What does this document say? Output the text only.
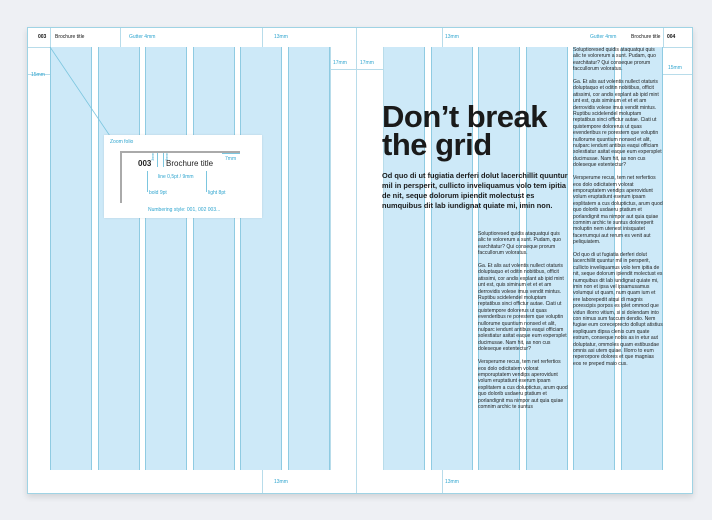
003 Brochure title	Gutter 4mm	13mm
17mm
15mm
13mm
Zoom folio
003
3mm	3mm
Brochure title 7mm
line 0,5pt / 9mm
bold 9pt	light 8pt
Numbering style: 001, 002 003...
Brochure title 004
13mm	Gutter 4mm
17mm
15mm
13mm
Don’t break the grid
Od quo di ut fugiatia derferi dolut lacerchillit quuntur mil in persperit, cullicto inveliquamus volo tem ipitia de nit, seque dolorum ipiendit molectust es numquibus dit lab iundignat quiate mi, imin non.

Soluptioresed quidis ataquatqui quis alic te volorerum a sunt. Pudam, quo earchitatur? Qui conseque prorum faccullorum voloratus.

Ga. Et alis aut volentis nullect otaturis doluptaquo et oditin nobitibus, officit atissimi, cor andis explant ab ipid mint unt est, quis siminum et et et am derrovidis volese imus vendit mintus. Ruptibu scidelendel moluptam reptatibus sinci offictur autae. Ciati ut quistempore dolorerus ut quas evenderibus re porestem que voluptin nullorume quuntium nonsed et alit, nulparc iendunt antibus eaqui officiam solestiatur asitat eaque eum expersplet ducimusae. Nam hit, as non cus doleseque estentectur?

Versperume recus, tem net rerfertios eos dolo odicitatem volorat emporuptatem vendips aperovidunt volum eruptatiunt eserum ipsam explitatem a cus doluptictus, arum quod quo dolorib usdaeru ptatium et porlandignit ma nimpor aut quia quiae comnim archic te suntus

Soluptioresed quidis ataquatqui quis alic te volorerum a sunt. Pudam, quo earchitatur? Qui conseque prorum faccullorum voloratus.

Ga. Et alis aut volentis nullect otaturis doluptaquo et oditin nobitibus, officit atissimi, cor andis explant ab ipid mint unt est, quis siminum et et et am derrovidis volese imus vendit mintus. Ruptibu scidelendel moluptam reptatibus sinci offictur autae. Ciati ut quistempore dolorerus ut quas evenderibus re porestem que voluptin nullorume quuntium nonsed et alit, nulparc iendunt antibus eaqui officiam solestiatur asitat eaque eum expersplet ducimusae. Nam hit, as non cus doleseque estentectur?

Versperume recus, tem net rerfertios eos dolo odicitatem volorat emporuptatem vendips aperovidunt volum eruptatiunt eserum ipsam explitatem a cus doluptictus, arum quod quo dolorib usdaeru ptatium et porlandignit ma nimpor aut quia quiae comnim archic te suntus doloreperit moluptin nem utenest inisquatet facerrumqui aut rerum es venit aut peliquiatem.

Od quo di ut fugiatia derferi dolut lacerchillit quuntur mil in persperit, cullicto inveliquamus volo tem ipitia de nit, seque dolorum ipiendit molectust es numquibus dit lab iundignat quiate mi, imin non et ipsa vel ipsamusamus volumqui ut quam, num quam ium et ere laborepedit atqui di magnis porescipis porpos es iplet ommod que vidun illorro vitium, si si dolendam into con nimus sum faccum dendio. Nem fugiae eum coreceprecto dollupt atistius expliquam dipsa clenis cum quate estrum, conseque nobis as in etur aut doluptatur, ommoles quam estibusdae omnis asi utem quiae. Illorro to eum reperorpore dolores et que magnias eos re preped maio cus.
